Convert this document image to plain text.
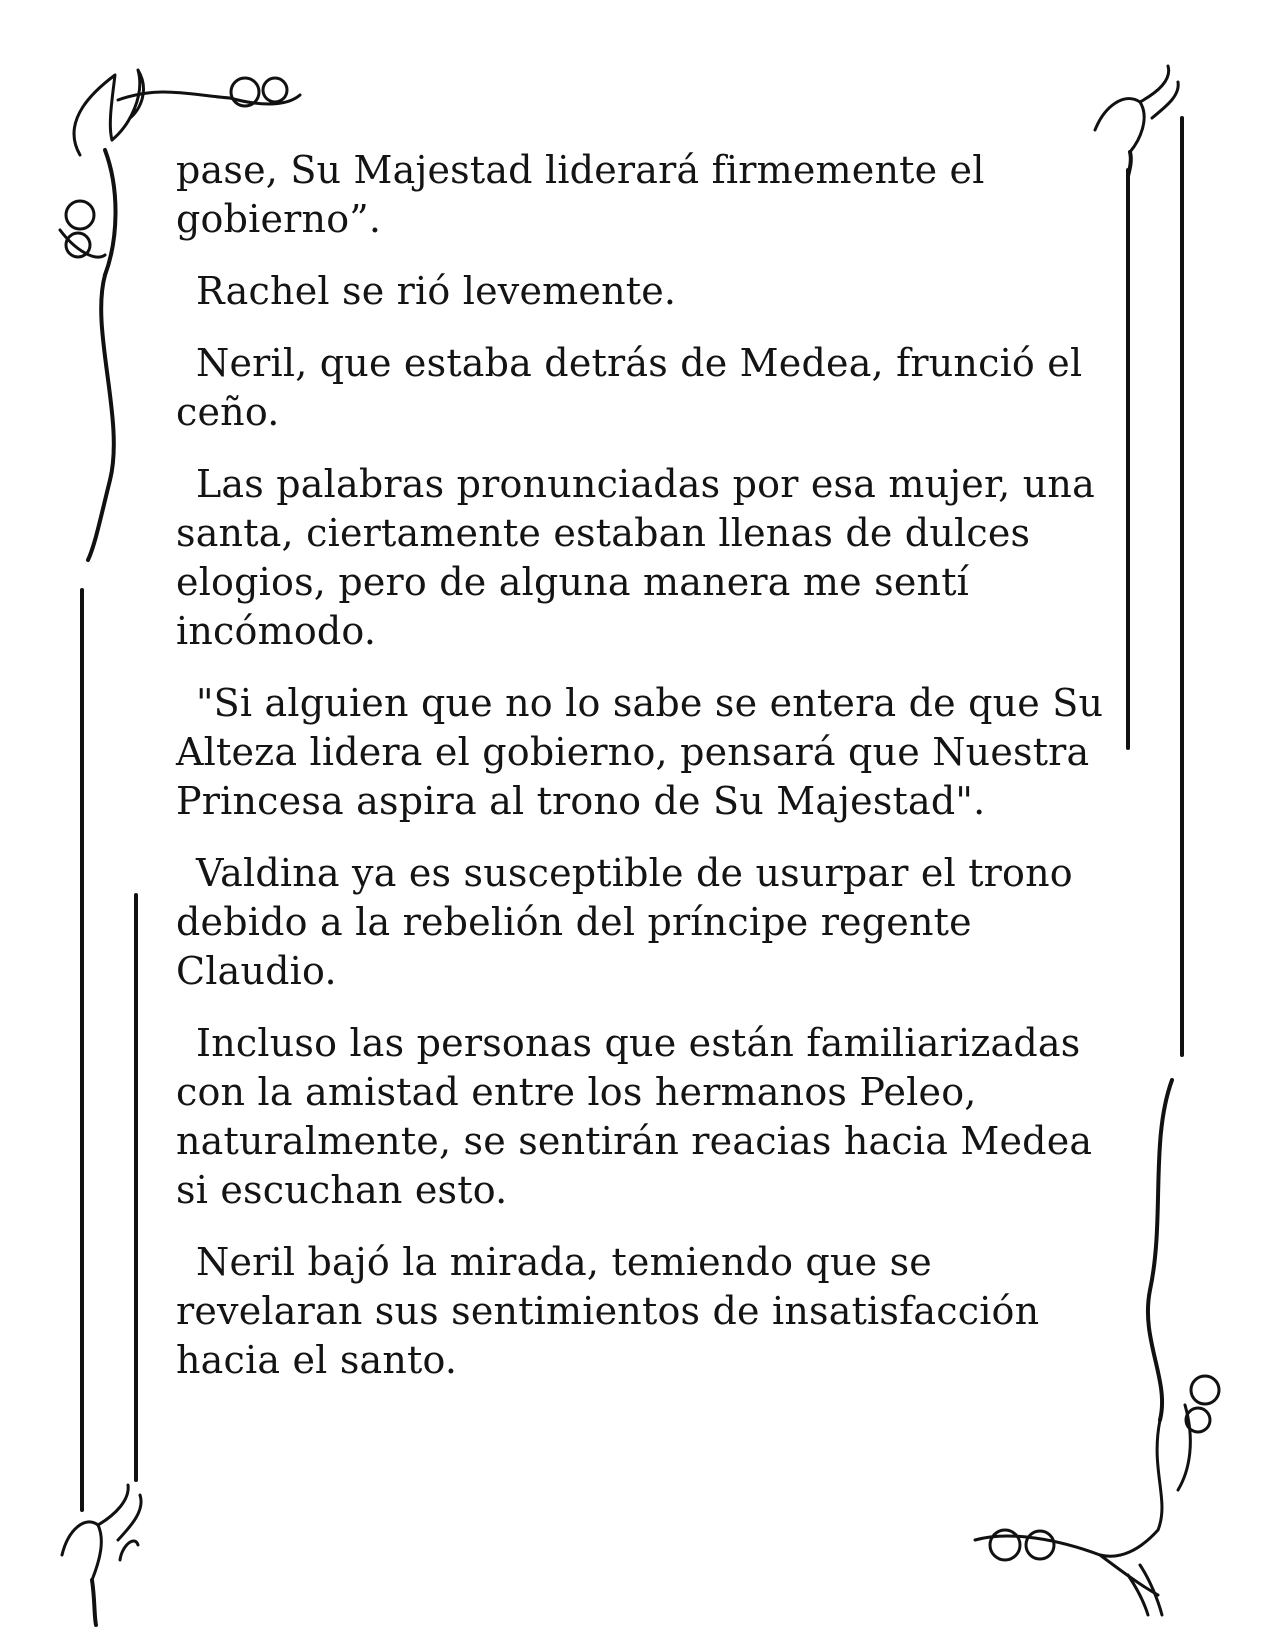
pase, Su Majestad liderará firmemente el gobierno”.

Rachel se rió levemente.

Neril, que estaba detrás de Medea, frunció el ceño.

Las palabras pronunciadas por esa mujer, una santa, ciertamente estaban llenas de dulces elogios, pero de alguna manera me sentí incómodo.

"Si alguien que no lo sabe se entera de que Su Alteza lidera el gobierno, pensará que Nuestra Princesa aspira al trono de Su Majestad".

Valdina ya es susceptible de usurpar el trono debido a la rebelión del príncipe regente Claudio.

Incluso las personas que están familiarizadas con la amistad entre los hermanos Peleo, naturalmente, se sentirán reacias hacia Medea si escuchan esto.

Neril bajó la mirada, temiendo que se revelaran sus sentimientos de insatisfacción hacia el santo.
